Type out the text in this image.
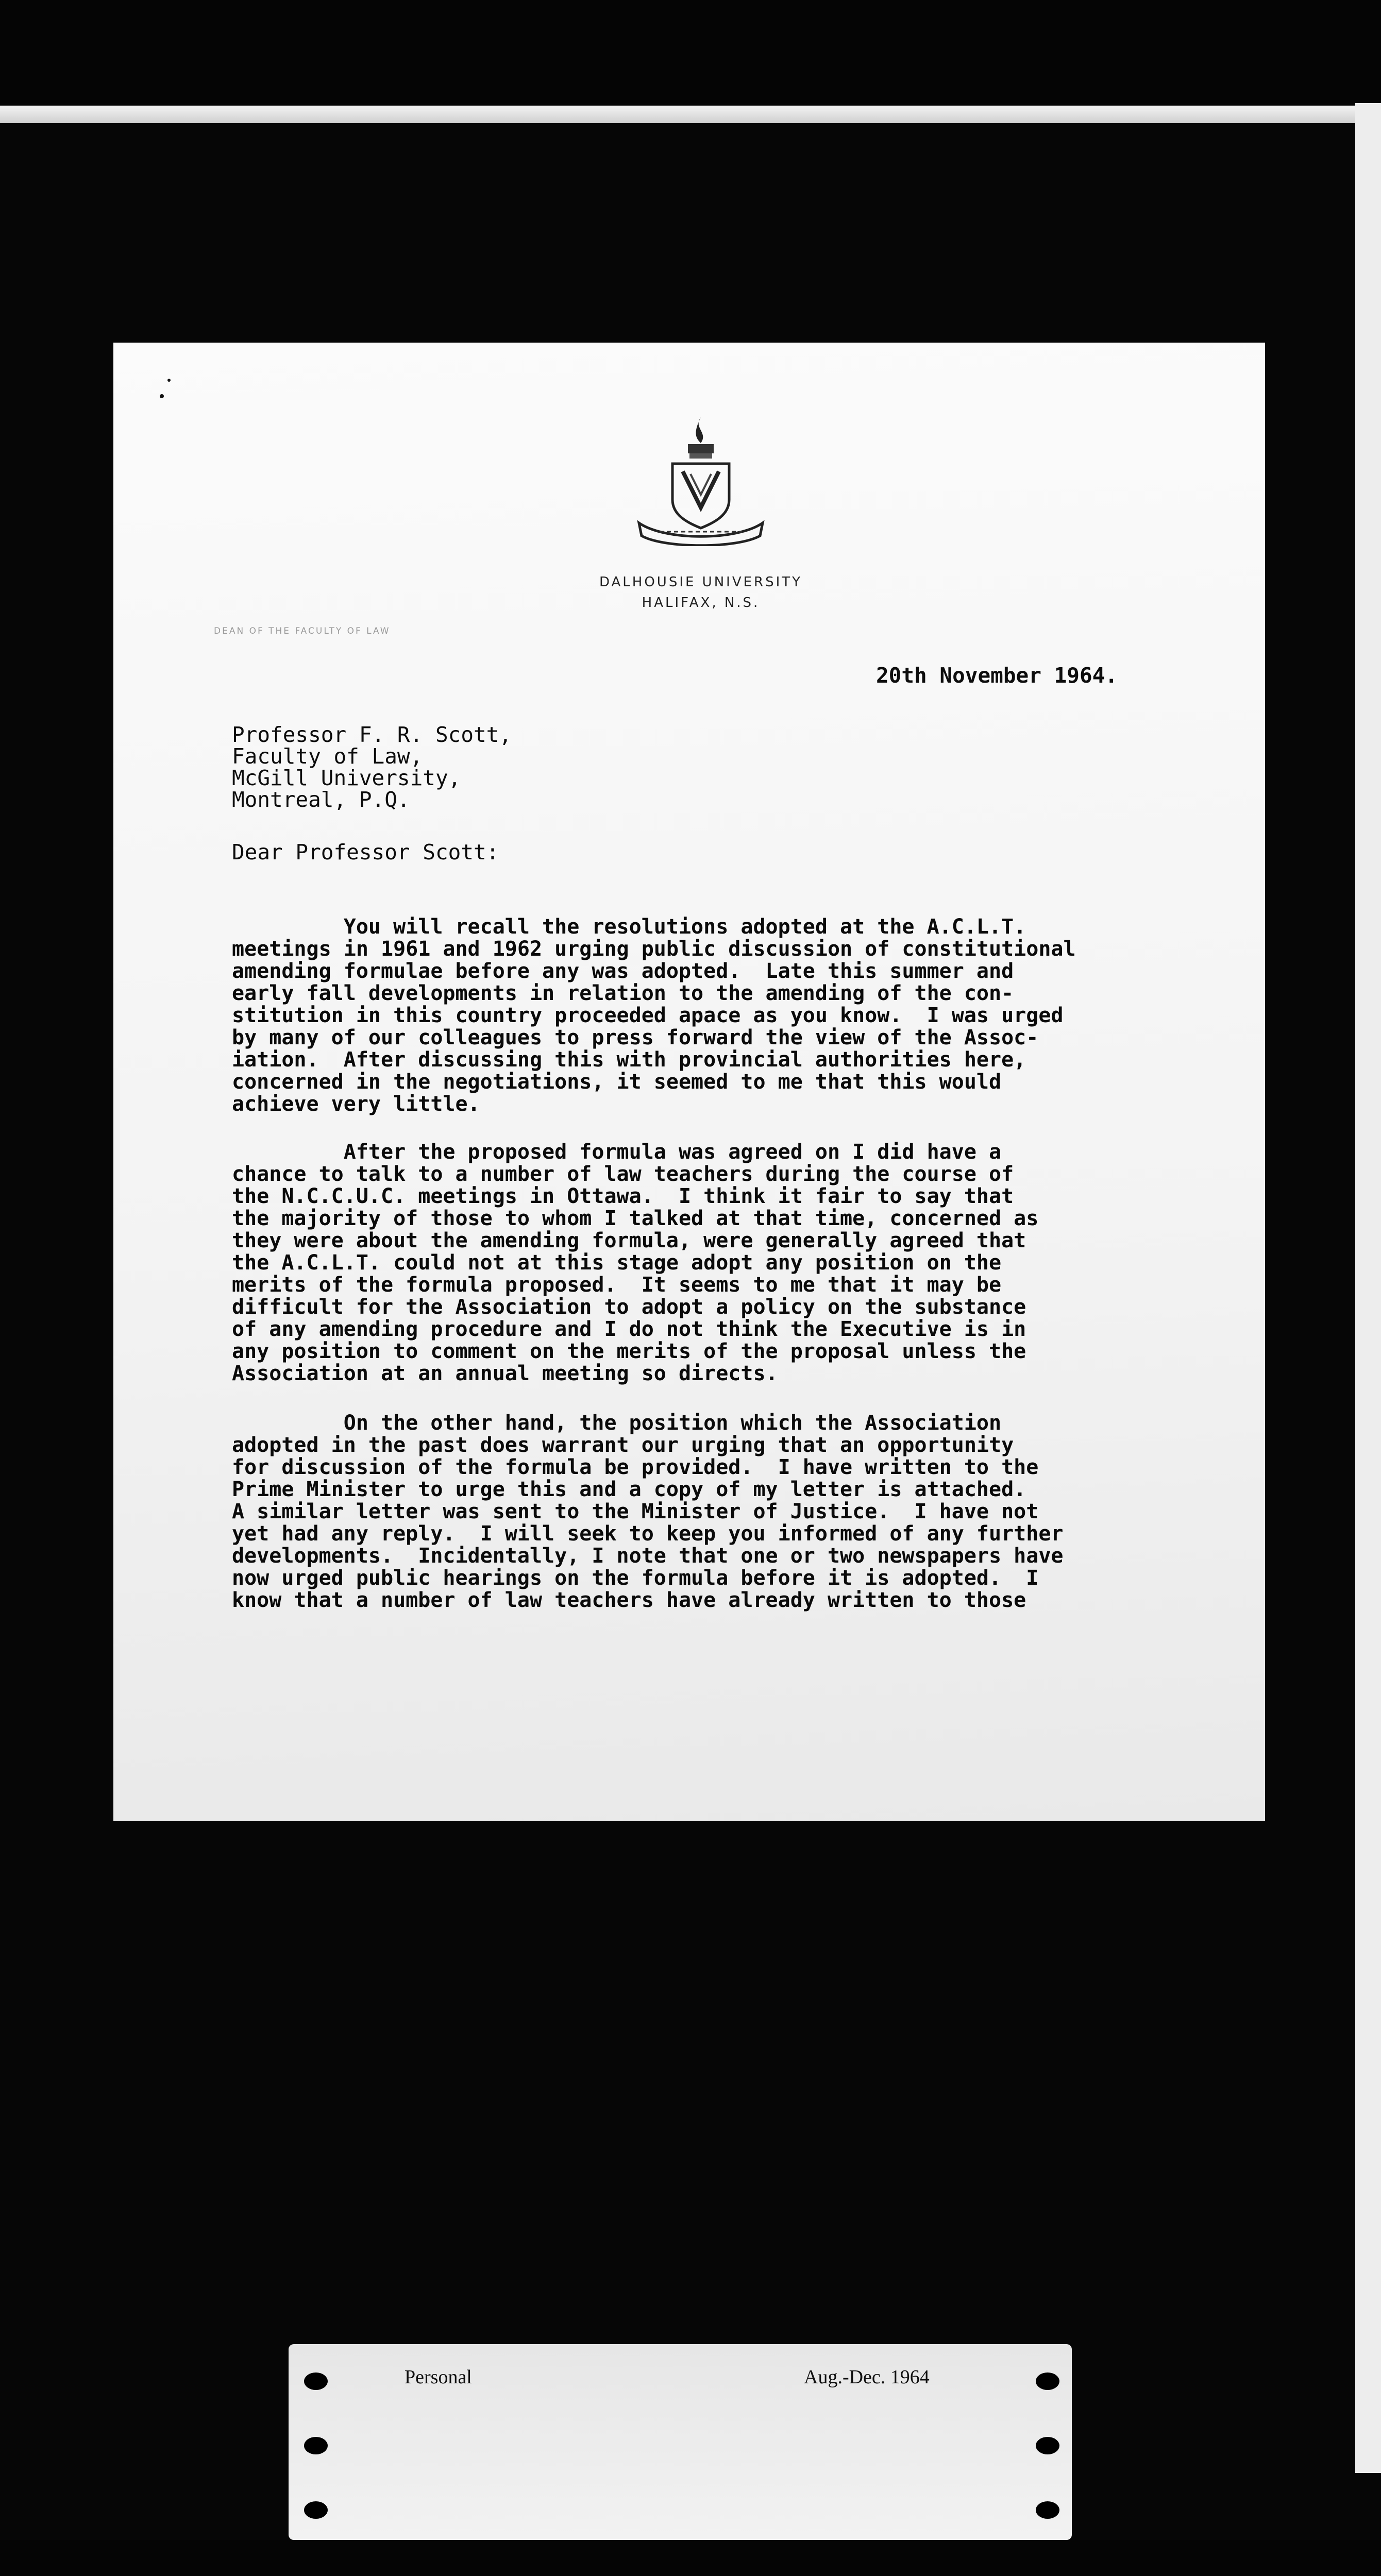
DALHOUSIE UNIVERSITY
HALIFAX, N.S.
DEAN OF THE FACULTY OF LAW
20th November 1964.
Professor F. R. Scott,
Faculty of Law,
McGill University,
Montreal, P.Q.
Dear Professor Scott:
You will recall the resolutions adopted at the A.C.L.T.
meetings in 1961 and 1962 urging public discussion of constitutional
amending formulae before any was adopted.  Late this summer and
early fall developments in relation to the amending of the con-
stitution in this country proceeded apace as you know.  I was urged
by many of our colleagues to press forward the view of the Assoc-
iation.  After discussing this with provincial authorities here,
concerned in the negotiations, it seemed to me that this would
achieve very little.
After the proposed formula was agreed on I did have a
chance to talk to a number of law teachers during the course of
the N.C.C.U.C. meetings in Ottawa.  I think it fair to say that
the majority of those to whom I talked at that time, concerned as
they were about the amending formula, were generally agreed that
the A.C.L.T. could not at this stage adopt any position on the
merits of the formula proposed.  It seems to me that it may be
difficult for the Association to adopt a policy on the substance
of any amending procedure and I do not think the Executive is in
any position to comment on the merits of the proposal unless the
Association at an annual meeting so directs.
On the other hand, the position which the Association
adopted in the past does warrant our urging that an opportunity
for discussion of the formula be provided.  I have written to the
Prime Minister to urge this and a copy of my letter is attached.
A similar letter was sent to the Minister of Justice.  I have not
yet had any reply.  I will seek to keep you informed of any further
developments.  Incidentally, I note that one or two newspapers have
now urged public hearings on the formula before it is adopted.  I
know that a number of law teachers have already written to those
Personal	Aug.-Dec. 1964
